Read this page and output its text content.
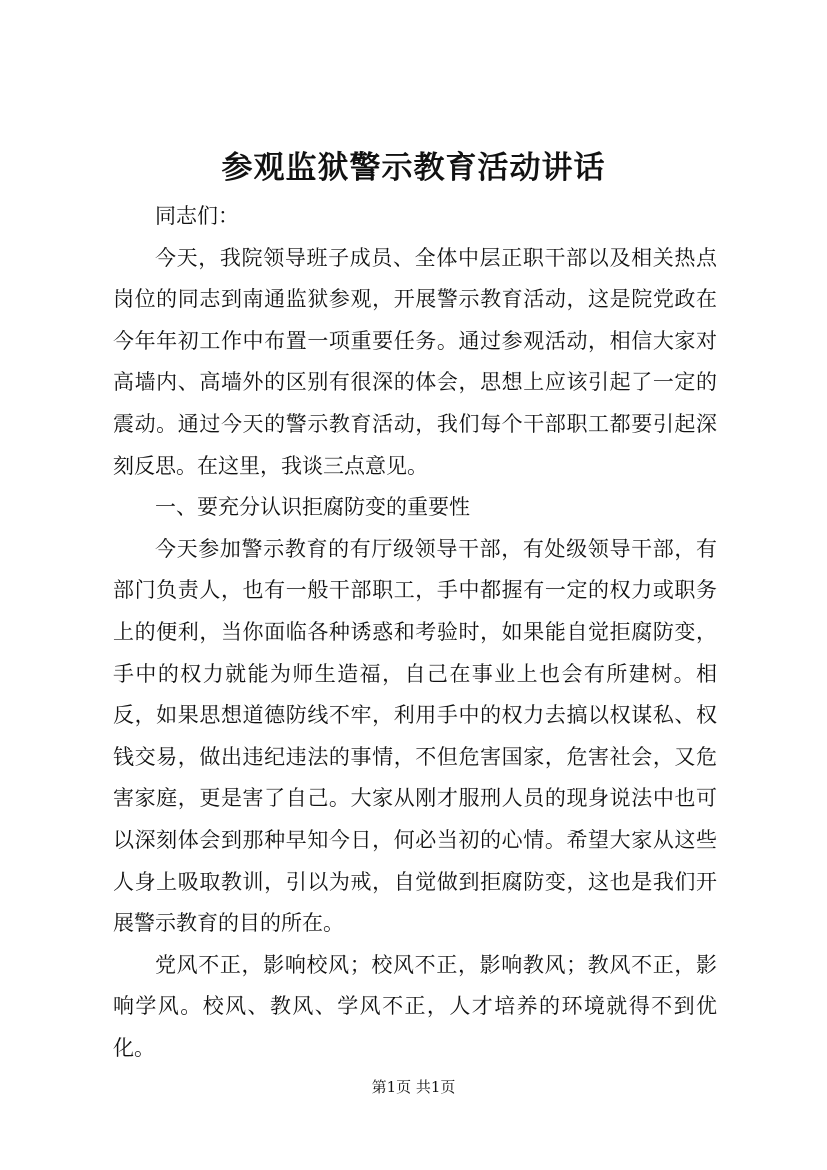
参观监狱警示教育活动讲话

同志们：

今天，我院领导班子成员、全体中层正职干部以及相关热点岗位的同志到南通监狱参观，开展警示教育活动，这是院党政在今年年初工作中布置一项重要任务。通过参观活动，相信大家对高墙内、高墙外的区别有很深的体会，思想上应该引起了一定的震动。通过今天的警示教育活动，我们每个干部职工都要引起深刻反思。在这里，我谈三点意见。

一、要充分认识拒腐防变的重要性

今天参加警示教育的有厅级领导干部，有处级领导干部，有部门负责人，也有一般干部职工，手中都握有一定的权力或职务上的便利，当你面临各种诱惑和考验时，如果能自觉拒腐防变，手中的权力就能为师生造福，自己在事业上也会有所建树。相反，如果思想道德防线不牢，利用手中的权力去搞以权谋私、权钱交易，做出违纪违法的事情，不但危害国家，危害社会，又危害家庭，更是害了自己。大家从刚才服刑人员的现身说法中也可以深刻体会到那种早知今日，何必当初的心情。希望大家从这些人身上吸取教训，引以为戒，自觉做到拒腐防变，这也是我们开展警示教育的目的所在。

党风不正，影响校风；校风不正，影响教风；教风不正，影响学风。校风、教风、学风不正，人才培养的环境就得不到优化。

第1页 共1页
